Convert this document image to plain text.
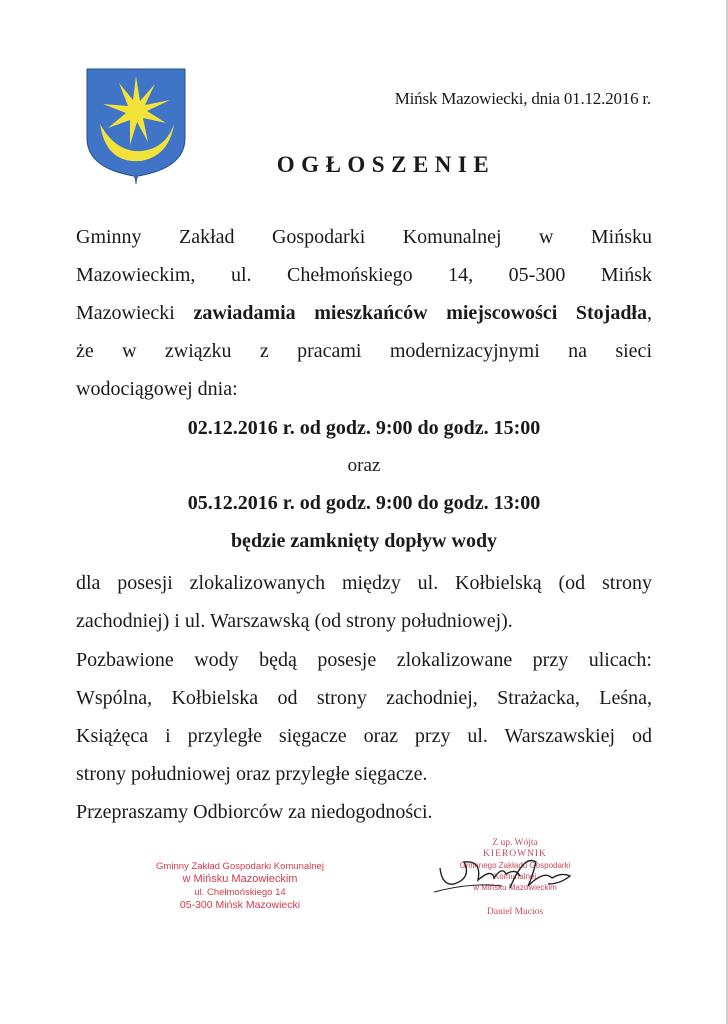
Mińsk Mazowiecki, dnia 01.12.2016 r.
OGŁOSZENIE
Gminny Zakład Gospodarki Komunalnej w Mińsku
Mazowieckim, ul. Chełmońskiego 14, 05-300 Mińsk
Mazowiecki zawiadamia mieszkańców miejscowości Stojadła,
że w związku z pracami modernizacyjnymi na sieci
wodociągowej dnia:
02.12.2016 r. od godz. 9:00 do godz. 15:00
oraz
05.12.2016 r. od godz. 9:00 do godz. 13:00
będzie zamknięty dopływ wody
dla posesji zlokalizowanych między ul. Kołbielską (od strony
zachodniej) i ul. Warszawską (od strony południowej).
Pozbawione wody będą posesje zlokalizowane przy ulicach:
Wspólna, Kołbielska od strony zachodniej, Strażacka, Leśna,
Książęca i przyległe sięgacze oraz przy ul. Warszawskiej od
strony południowej oraz przyległe sięgacze.
Przepraszamy Odbiorców za niedogodności.
Gminny Zakład Gospodarki Komunalnej
w Mińsku Mazowieckim
ul. Chełmońskiego 14
05-300 Mińsk Mazowiecki
Z up. Wójta
KIEROWNIK
Gminnego Zakładu Gospodarki Komunalnej
w Mińsku Mazowieckim
Daniel Mucios
